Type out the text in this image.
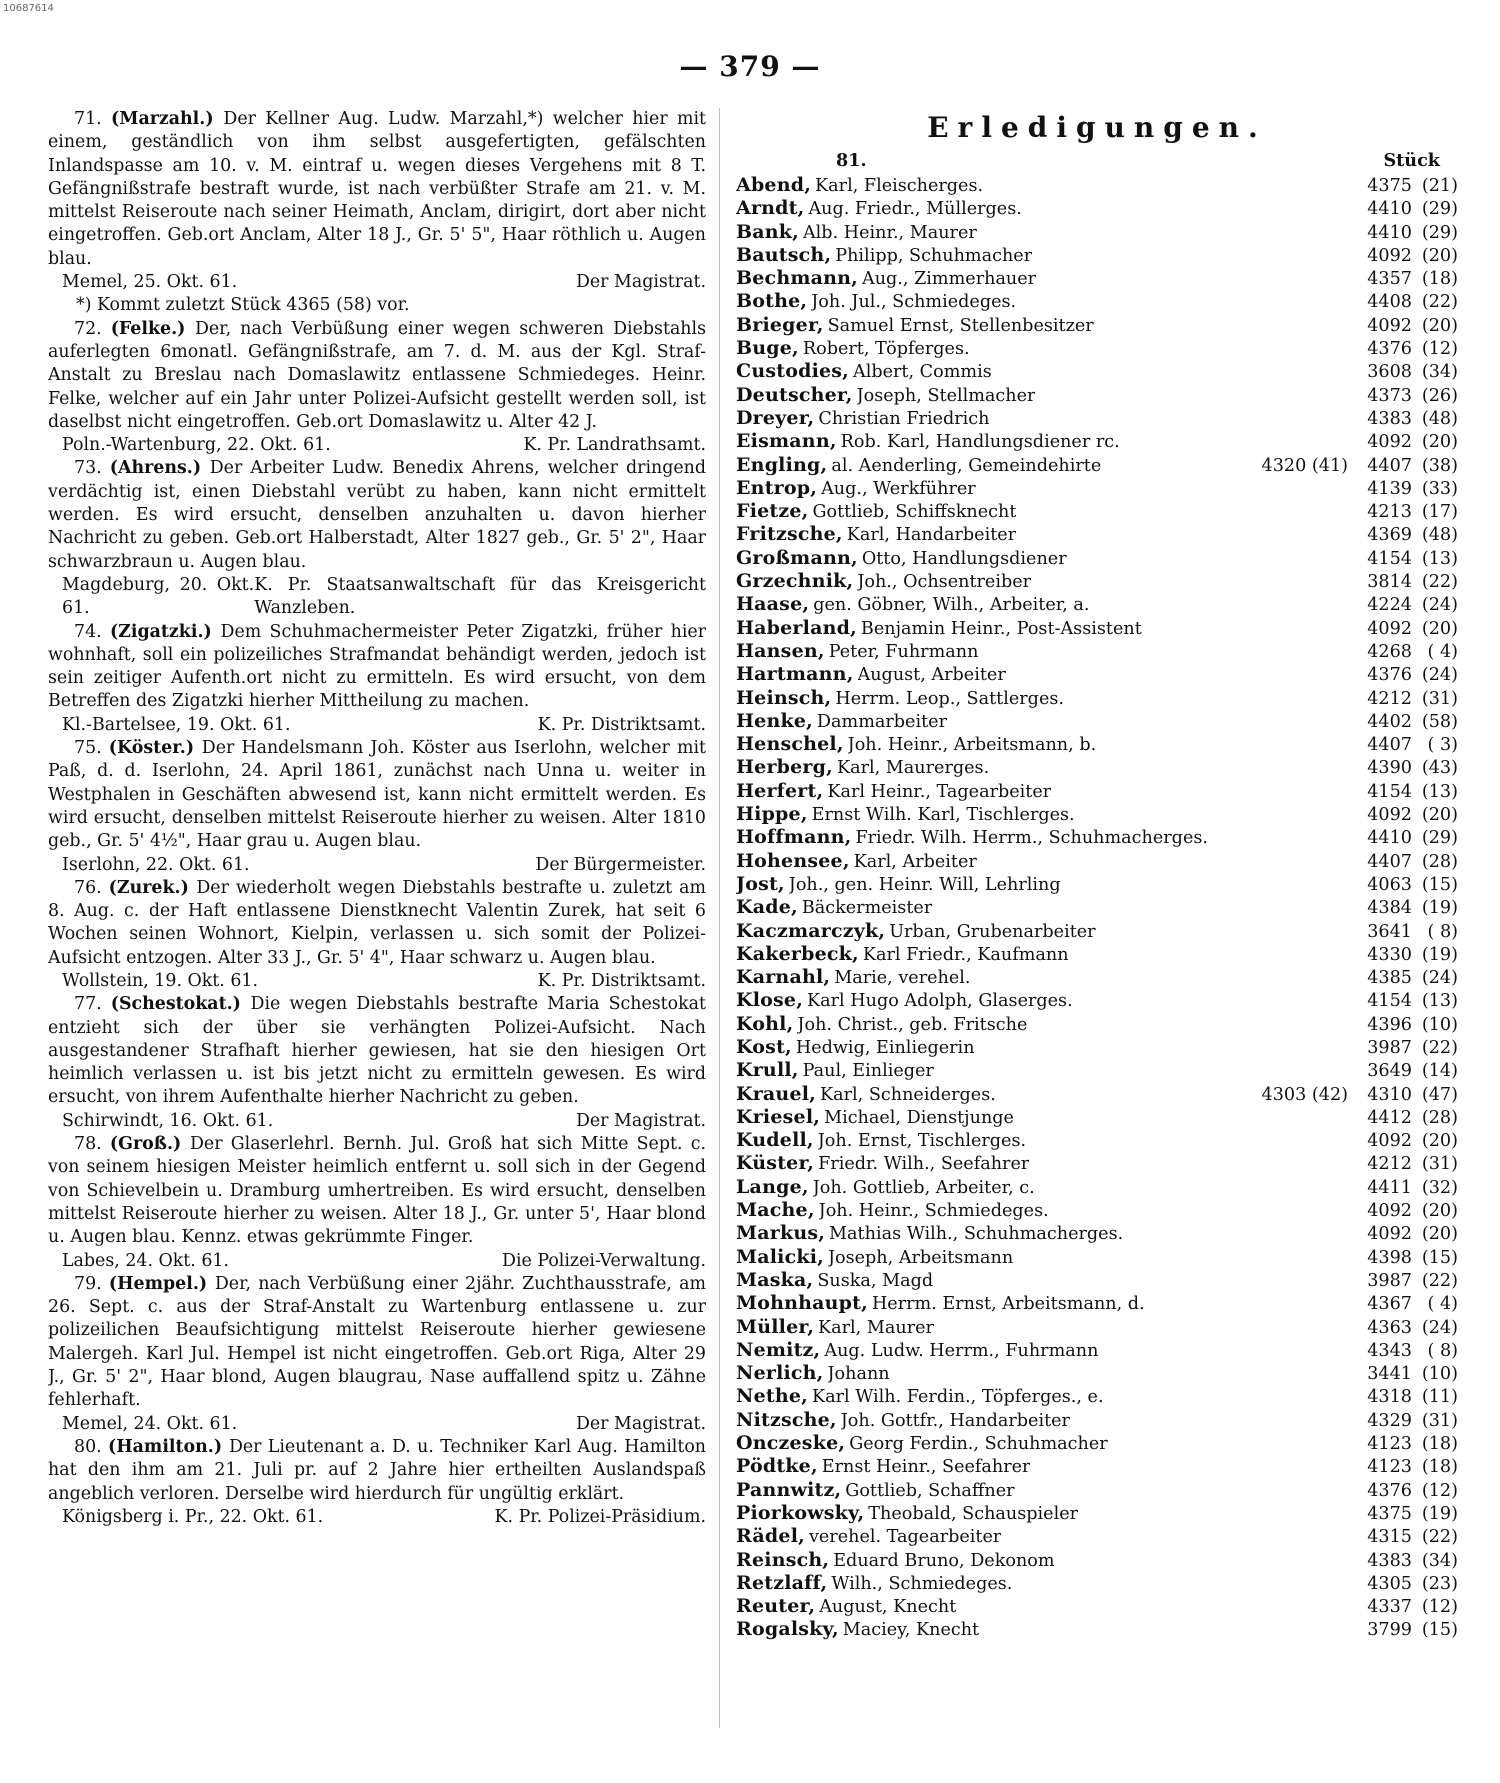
10687614
— 379 —

71. (Marzahl.) Der Kellner Aug. Ludw. Marzahl,*) welcher hier mit einem, geständlich von ihm selbst ausgefertigten, gefälschten Inlandspasse am 10. v. M. eintraf u. wegen dieses Vergehens mit 8 T. Gefängnißstrafe bestraft wurde, ist nach verbüßter Strafe am 21. v. M. mittelst Reiseroute nach seiner Heimath, Anclam, dirigirt, dort aber nicht eingetroffen. Geb.ort Anclam, Alter 18 J., Gr. 5' 5", Haar röthlich u. Augen blau.

Memel, 25. Okt. 61.	Der Magistrat.
*) Kommt zuletzt Stück 4365 (58) vor.

72. (Felke.) Der, nach Verbüßung einer wegen schweren Diebstahls auferlegten 6monatl. Gefängnißstrafe, am 7. d. M. aus der Kgl. Straf-Anstalt zu Breslau nach Domaslawitz entlassene Schmiedeges. Heinr. Felke, welcher auf ein Jahr unter Polizei-Aufsicht gestellt werden soll, ist daselbst nicht eingetroffen. Geb.ort Domaslawitz u. Alter 42 J.

Poln.-Wartenburg, 22. Okt. 61.	K. Pr. Landrathsamt.

73. (Ahrens.) Der Arbeiter Ludw. Benedix Ahrens, welcher dringend verdächtig ist, einen Diebstahl verübt zu haben, kann nicht ermittelt werden. Es wird ersucht, denselben anzuhalten u. davon hierher Nachricht zu geben. Geb.ort Halberstadt, Alter 1827 geb., Gr. 5' 2", Haar schwarzbraun u. Augen blau.

Magdeburg, 20. Okt. 61.
K. Pr. Staatsanwaltschaft für das Kreisgericht Wanzleben.

74. (Zigatzki.) Dem Schuhmachermeister Peter Zigatzki, früher hier wohnhaft, soll ein polizeiliches Strafmandat behändigt werden, jedoch ist sein zeitiger Aufenth.ort nicht zu ermitteln. Es wird ersucht, von dem Betreffen des Zigatzki hierher Mittheilung zu machen.

Kl.-Bartelsee, 19. Okt. 61.	K. Pr. Distriktsamt.

75. (Köster.) Der Handelsmann Joh. Köster aus Iserlohn, welcher mit Paß, d. d. Iserlohn, 24. April 1861, zunächst nach Unna u. weiter in Westphalen in Geschäften abwesend ist, kann nicht ermittelt werden. Es wird ersucht, denselben mittelst Reiseroute hierher zu weisen. Alter 1810 geb., Gr. 5' 4½", Haar grau u. Augen blau.

Iserlohn, 22. Okt. 61.	Der Bürgermeister.

76. (Zurek.) Der wiederholt wegen Diebstahls bestrafte u. zuletzt am 8. Aug. c. der Haft entlassene Dienstknecht Valentin Zurek, hat seit 6 Wochen seinen Wohnort, Kielpin, verlassen u. sich somit der Polizei-Aufsicht entzogen. Alter 33 J., Gr. 5' 4", Haar schwarz u. Augen blau.

Wollstein, 19. Okt. 61.	K. Pr. Distriktsamt.

77. (Schestokat.) Die wegen Diebstahls bestrafte Maria Schestokat entzieht sich der über sie verhängten Polizei-Aufsicht. Nach ausgestandener Strafhaft hierher gewiesen, hat sie den hiesigen Ort heimlich verlassen u. ist bis jetzt nicht zu ermitteln gewesen. Es wird ersucht, von ihrem Aufenthalte hierher Nachricht zu geben.

Schirwindt, 16. Okt. 61.	Der Magistrat.

78. (Groß.) Der Glaserlehrl. Bernh. Jul. Groß hat sich Mitte Sept. c. von seinem hiesigen Meister heimlich entfernt u. soll sich in der Gegend von Schievelbein u. Dramburg umhertreiben. Es wird ersucht, denselben mittelst Reiseroute hierher zu weisen. Alter 18 J., Gr. unter 5', Haar blond u. Augen blau. Kennz. etwas gekrümmte Finger.

Labes, 24. Okt. 61.	Die Polizei-Verwaltung.

79. (Hempel.) Der, nach Verbüßung einer 2jähr. Zuchthausstrafe, am 26. Sept. c. aus der Straf-Anstalt zu Wartenburg entlassene u. zur polizeilichen Beaufsichtigung mittelst Reiseroute hierher gewiesene Malergeh. Karl Jul. Hempel ist nicht eingetroffen. Geb.ort Riga, Alter 29 J., Gr. 5' 2", Haar blond, Augen blaugrau, Nase auffallend spitz u. Zähne fehlerhaft.

Memel, 24. Okt. 61.	Der Magistrat.

80. (Hamilton.) Der Lieutenant a. D. u. Techniker Karl Aug. Hamilton hat den ihm am 21. Juli pr. auf 2 Jahre hier ertheilten Auslandspaß angeblich verloren. Derselbe wird hierdurch für ungültig erklärt.

Königsberg i. Pr., 22. Okt. 61.	K. Pr. Polizei-Präsidium.
Erledigungen.
81.	Stück
Abend, Karl, Fleischerges.	4375 (21)
Arndt, Aug. Friedr., Müllerges.	4410 (29)
Bank, Alb. Heinr., Maurer	4410 (29)
Bautsch, Philipp, Schuhmacher	4092 (20)
Bechmann, Aug., Zimmerhauer	4357 (18)
Bothe, Joh. Jul., Schmiedeges.	4408 (22)
Brieger, Samuel Ernst, Stellenbesitzer	4092 (20)
Buge, Robert, Töpferges.	4376 (12)
Custodies, Albert, Commis	3608 (34)
Deutscher, Joseph, Stellmacher	4373 (26)
Dreyer, Christian Friedrich	4383 (48)
Eismann, Rob. Karl, Handlungsdiener rc.	4092 (20)
Engling, al. Aenderling, Gemeindehirte	4320 (41)	4407 (38)
Entrop, Aug., Werkführer	4139 (33)
Fietze, Gottlieb, Schiffsknecht	4213 (17)
Fritzsche, Karl, Handarbeiter	4369 (48)
Großmann, Otto, Handlungsdiener	4154 (13)
Grzechnik, Joh., Ochsentreiber	3814 (22)
Haase, gen. Göbner, Wilh., Arbeiter, a.	4224 (24)
Haberland, Benjamin Heinr., Post-Assistent	4092 (20)
Hansen, Peter, Fuhrmann	4268 ( 4)
Hartmann, August, Arbeiter	4376 (24)
Heinsch, Herrm. Leop., Sattlerges.	4212 (31)
Henke, Dammarbeiter	4402 (58)
Henschel, Joh. Heinr., Arbeitsmann, b.	4407 ( 3)
Herberg, Karl, Maurerges.	4390 (43)
Herfert, Karl Heinr., Tagearbeiter	4154 (13)
Hippe, Ernst Wilh. Karl, Tischlerges.	4092 (20)
Hoffmann, Friedr. Wilh. Herrm., Schuhmacherges.	4410 (29)
Hohensee, Karl, Arbeiter	4407 (28)
Jost, Joh., gen. Heinr. Will, Lehrling	4063 (15)
Kade, Bäckermeister	4384 (19)
Kaczmarczyk, Urban, Grubenarbeiter	3641 ( 8)
Kakerbeck, Karl Friedr., Kaufmann	4330 (19)
Karnahl, Marie, verehel.	4385 (24)
Klose, Karl Hugo Adolph, Glaserges.	4154 (13)
Kohl, Joh. Christ., geb. Fritsche	4396 (10)
Kost, Hedwig, Einliegerin	3987 (22)
Krull, Paul, Einlieger	3649 (14)
Krauel, Karl, Schneiderges.	4303 (42)	4310 (47)
Kriesel, Michael, Dienstjunge	4412 (28)
Kudell, Joh. Ernst, Tischlerges.	4092 (20)
Küster, Friedr. Wilh., Seefahrer	4212 (31)
Lange, Joh. Gottlieb, Arbeiter, c.	4411 (32)
Mache, Joh. Heinr., Schmiedeges.	4092 (20)
Markus, Mathias Wilh., Schuhmacherges.	4092 (20)
Malicki, Joseph, Arbeitsmann	4398 (15)
Maska, Suska, Magd	3987 (22)
Mohnhaupt, Herrm. Ernst, Arbeitsmann, d.	4367 ( 4)
Müller, Karl, Maurer	4363 (24)
Nemitz, Aug. Ludw. Herrm., Fuhrmann	4343 ( 8)
Nerlich, Johann	3441 (10)
Nethe, Karl Wilh. Ferdin., Töpferges., e.	4318 (11)
Nitzsche, Joh. Gottfr., Handarbeiter	4329 (31)
Onczeske, Georg Ferdin., Schuhmacher	4123 (18)
Pödtke, Ernst Heinr., Seefahrer	4123 (18)
Pannwitz, Gottlieb, Schaffner	4376 (12)
Piorkowsky, Theobald, Schauspieler	4375 (19)
Rädel, verehel. Tagearbeiter	4315 (22)
Reinsch, Eduard Bruno, Dekonom	4383 (34)
Retzlaff, Wilh., Schmiedeges.	4305 (23)
Reuter, August, Knecht	4337 (12)
Rogalsky, Maciey, Knecht	3799 (15)
